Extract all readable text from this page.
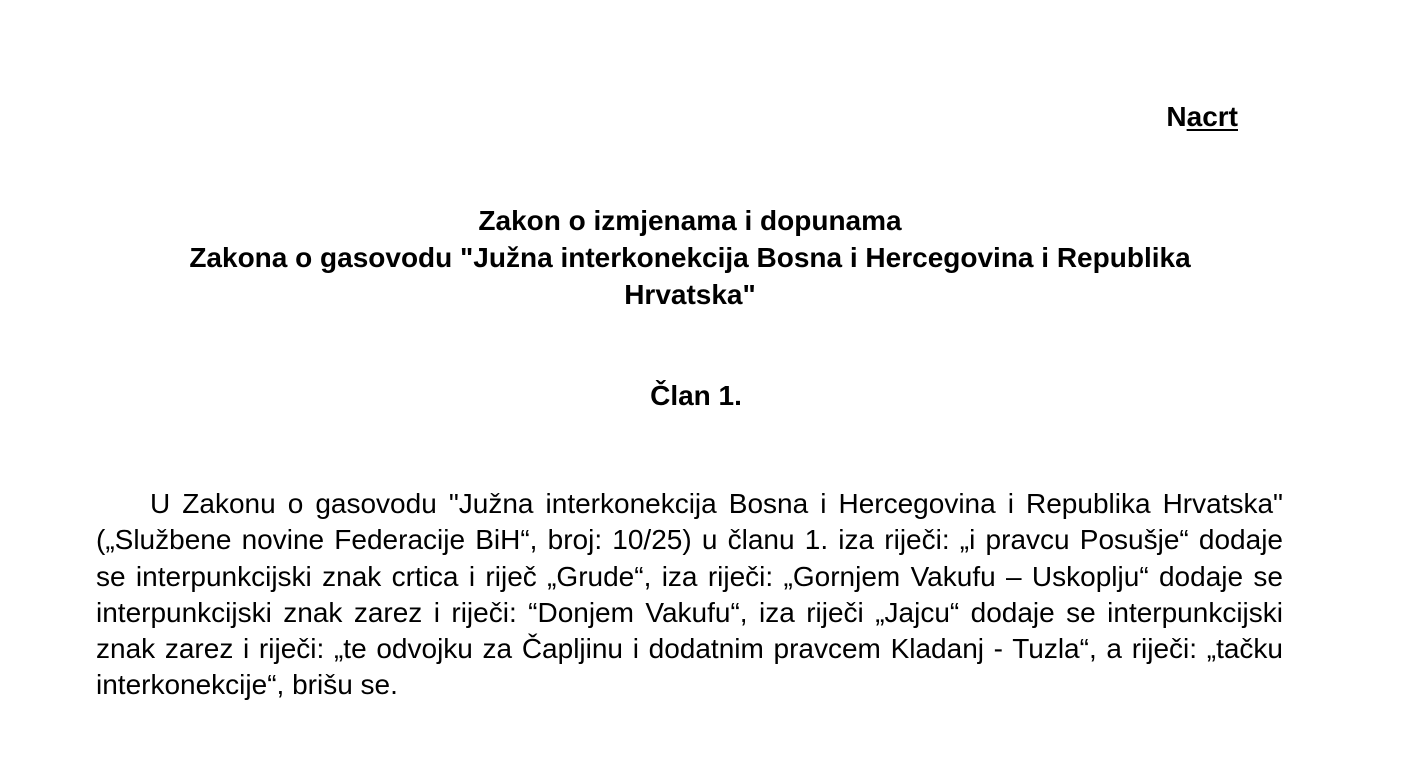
Nacrt
Zakon o izmjenama i dopunama
Zakona o gasovodu "Južna interkonekcija Bosna i Hercegovina i Republika
Hrvatska"
Član 1.

U Zakonu o gasovodu "Južna interkonekcija Bosna i Hercegovina i Republika Hrvatska" („Službene novine Federacije BiH“, broj: 10/25) u članu 1. iza riječi: „i pravcu Posušje“ dodaje se interpunkcijski znak crtica i riječ „Grude“, iza riječi: „Gornjem Vakufu – Uskoplju“ dodaje se interpunkcijski znak zarez i riječi: “Donjem Vakufu“, iza riječi „Jajcu“ dodaje se interpunkcijski znak zarez i riječi: „te odvojku za Čapljinu i dodatnim pravcem Kladanj - Tuzla“, a riječi: „tačku interkonekcije“, brišu se.
